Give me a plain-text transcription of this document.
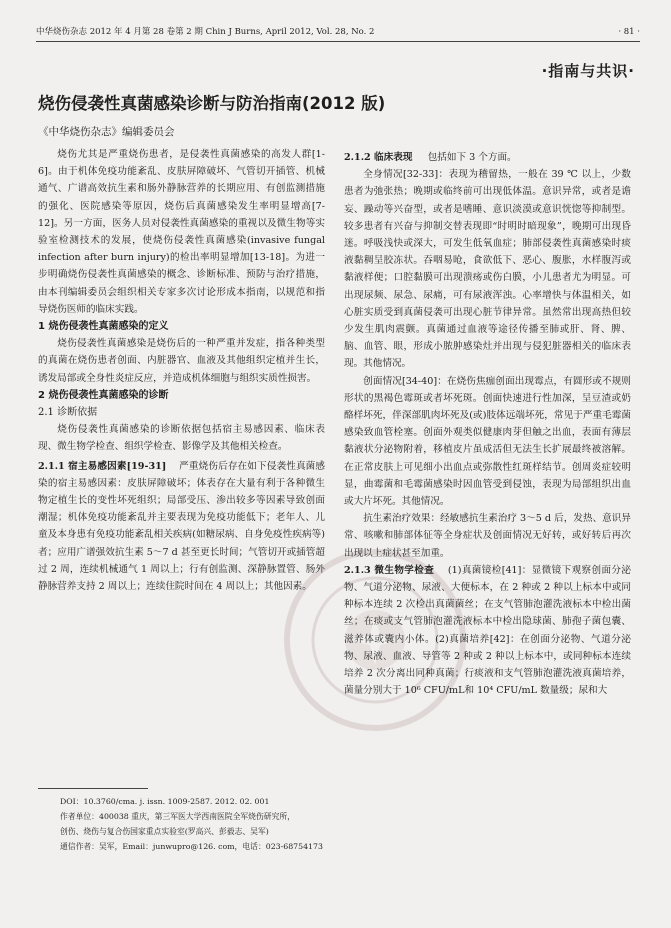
中华烧伤杂志 2012 年 4 月第 28 卷第 2 期 Chin J Burns, April 2012, Vol. 28, No. 2	· 81 ·
·指南与共识·
烧伤侵袭性真菌感染诊断与防治指南(2012 版)
《中华烧伤杂志》编辑委员会

烧伤尤其是严重烧伤患者，是侵袭性真菌感染的高发人群[1-6]。由于机体免疫功能紊乱、皮肤屏障破坏、气管切开插管、机械通气、广谱高效抗生素和肠外静脉营养的长期应用、有创监测措施的强化、医院感染等原因，烧伤后真菌感染发生率明显增高[7-12]。另一方面，医务人员对侵袭性真菌感染的重视以及微生物等实验室检测技术的发展，使烧伤侵袭性真菌感染(invasive fungal infection after burn injury)的检出率明显增加[13-18]。为进一步明确烧伤侵袭性真菌感染的概念、诊断标准、预防与治疗措施，由本刊编辑委员会组织相关专家多次讨论形成本指南，以规范和指导烧伤医师的临床实践。

1 烧伤侵袭性真菌感染的定义

烧伤侵袭性真菌感染是烧伤后的一种严重并发症，指各种类型的真菌在烧伤患者创面、内脏器官、血液及其他组织定植并生长，诱发局部或全身性炎症反应，并造成机体细胞与组织实质性损害。

2 烧伤侵袭性真菌感染的诊断

2.1 诊断依据

烧伤侵袭性真菌感染的诊断依据包括宿主易感因素、临床表现、微生物学检查、组织学检查、影像学及其他相关检查。

2.1.1 宿主易感因素[19-31] 严重烧伤后存在如下侵袭性真菌感染的宿主易感因素：皮肤屏障破坏；体表存在大量有利于各种微生物定植生长的变性坏死组织；局部受压、渗出较多等因素导致创面潮湿；机体免疫功能紊乱并主要表现为免疫功能低下；老年人、儿童及本身患有免疫功能紊乱相关疾病(如糖尿病、自身免疫性疾病等)者；应用广谱强效抗生素 5～7 d 甚至更长时间；气管切开或插管超过 2 周，连续机械通气 1 周以上；行有创监测、深静脉置管、肠外静脉营养支持 2 周以上；连续住院时间在 4 周以上；其他因素。

2.1.2 临床表现 包括如下 3 个方面。

全身情况[32-33]：表现为稽留热，一般在 39 ℃ 以上，少数患者为弛张热；晚期或临终前可出现低体温。意识异常，或者是谵妄、躁动等兴奋型，或者是嗜睡、意识淡漠或意识恍惚等抑制型。较多患者有兴奋与抑制交替表现即“时明时暗现象”，晚期可出现昏迷。呼吸浅快或深大，可发生低氧血症；肺部侵袭性真菌感染时痰液黏稠呈胶冻状。吞咽易呛，食欲低下、恶心、腹胀，水样腹泻或黏液样便；口腔黏膜可出现溃疡或伤白膜，小儿患者尤为明显。可出现尿频、尿急、尿痛，可有尿液浑浊。心率增快与体温相关，如心脏实质受到真菌侵袭可出现心脏节律异常。虽然常出现高热但较少发生肌肉震颤。真菌通过血液等途径传播至肺或肝、肾、脾、脑、血管、眼，形成小脓肿感染灶并出现与侵犯脏器相关的临床表现。其他情况。

创面情况[34-40]：在烧伤焦痂创面出现霉点，有圆形或不规则形状的黑褐色霉斑或者坏死斑。创面快速进行性加深，呈豆渣或奶酪样坏死，伴深部肌肉坏死及(或)肢体远端坏死，常见于严重毛霉菌感染致血管栓塞。创面外观类似健康肉芽但触之出血，表面有薄层黏液状分泌物附着，移植皮片虽成活但无法生长扩展最终被溶解。在正常皮肤上可见细小出血点或弥散性红斑样结节。创周炎症较明显，曲霉菌和毛霉菌感染时因血管受到侵蚀，表现为局部组织出血或大片坏死。其他情况。

抗生素治疗效果：经敏感抗生素治疗 3～5 d 后，发热、意识异常、咳嗽和肺部体征等全身症状及创面情况无好转，或好转后再次出现以上症状甚至加重。

2.1.3 微生物学检查 (1)真菌镜检[41]：显微镜下观察创面分泌物、气道分泌物、尿液、大便标本，在 2 种或 2 种以上标本中或同种标本连续 2 次检出真菌菌丝；在支气管肺泡灌洗液标本中检出菌丝；在痰或支气管肺泡灌洗液标本中检出隐球菌、肺孢子菌包囊、滋养体或囊内小体。(2)真菌培养[42]：在创面分泌物、气道分泌物、尿液、血液、导管等 2 种或 2 种以上标本中，或同种标本连续培养 2 次分离出同种真菌；行痰液和支气管肺泡灌洗液真菌培养，菌量分别大于 10⁶ CFU/mL和 10⁴ CFU/mL 数量级；尿和大

DOI：10.3760/cma. j. issn. 1009-2587. 2012. 02. 001

作者单位：400038 重庆，第三军医大学西南医院全军烧伤研究所，

创伤、烧伤与复合伤国家重点实验室(罗高兴、彭毅志、吴军)

通信作者：吴军，Email：junwupro@126. com，电话：023-68754173
